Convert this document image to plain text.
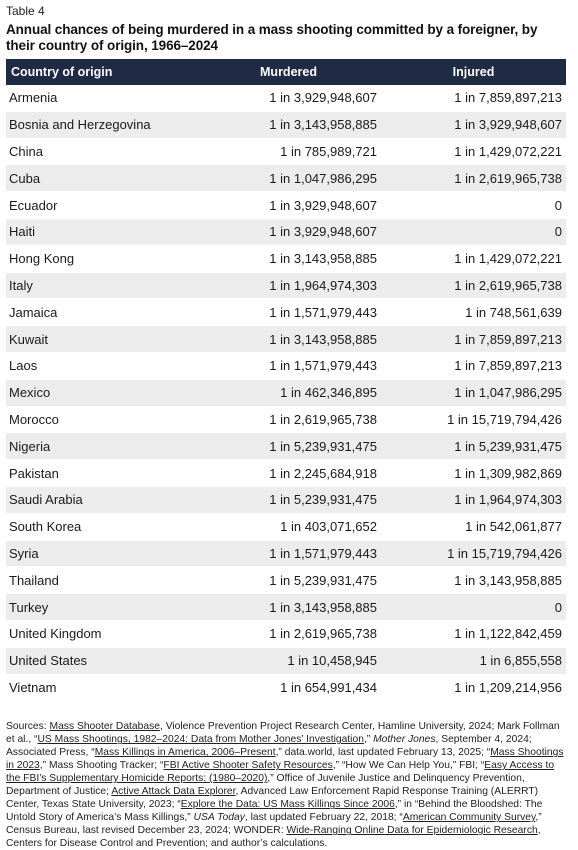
Table 4
Annual chances of being murdered in a mass shooting committed by a foreigner, by their country of origin, 1966–2024
Country of origin	Murdered	Injured
Armenia	1 in 3,929,948,607	1 in 7,859,897,213
Bosnia and Herzegovina	1 in 3,143,958,885	1 in 3,929,948,607
China	1 in 785,989,721	1 in 1,429,072,221
Cuba	1 in 1,047,986,295	1 in 2,619,965,738
Ecuador	1 in 3,929,948,607	0
Haiti	1 in 3,929,948,607	0
Hong Kong	1 in 3,143,958,885	1 in 1,429,072,221
Italy	1 in 1,964,974,303	1 in 2,619,965,738
Jamaica	1 in 1,571,979,443	1 in 748,561,639
Kuwait	1 in 3,143,958,885	1 in 7,859,897,213
Laos	1 in 1,571,979,443	1 in 7,859,897,213
Mexico	1 in 462,346,895	1 in 1,047,986,295
Morocco	1 in 2,619,965,738	1 in 15,719,794,426
Nigeria	1 in 5,239,931,475	1 in 5,239,931,475
Pakistan	1 in 2,245,684,918	1 in 1,309,982,869
Saudi Arabia	1 in 5,239,931,475	1 in 1,964,974,303
South Korea	1 in 403,071,652	1 in 542,061,877
Syria	1 in 1,571,979,443	1 in 15,719,794,426
Thailand	1 in 5,239,931,475	1 in 3,143,958,885
Turkey	1 in 3,143,958,885	0
United Kingdom	1 in 2,619,965,738	1 in 1,122,842,459
United States	1 in 10,458,945	1 in 6,855,558
Vietnam	1 in 654,991,434	1 in 1,209,214,956
Sources: Mass Shooter Database, Violence Prevention Project Research Center, Hamline University, 2024; Mark Follman et al., “US Mass Shootings, 1982–2024: Data from Mother Jones’ Investigation,” Mother Jones, September 4, 2024; Associated Press, “Mass Killings in America, 2006–Present,” data.world, last updated February 13, 2025; “Mass Shootings in 2023,” Mass Shooting Tracker; “FBI Active Shooter Safety Resources,” “How We Can Help You,” FBI; “Easy Access to the FBI’s Supplementary Homicide Reports: (1980–2020),” Office of Juvenile Justice and Delinquency Prevention, Department of Justice; Active Attack Data Explorer, Advanced Law Enforcement Rapid Response Training (ALERRT) Center, Texas State University, 2023; “Explore the Data: US Mass Killings Since 2006,” in “Behind the Bloodshed: The Untold Story of America’s Mass Killings,” USA Today, last updated February 22, 2018; “American Community Survey,” Census Bureau, last revised December 23, 2024; WONDER: Wide-Ranging Online Data for Epidemiologic Research, Centers for Disease Control and Prevention; and author’s calculations.
